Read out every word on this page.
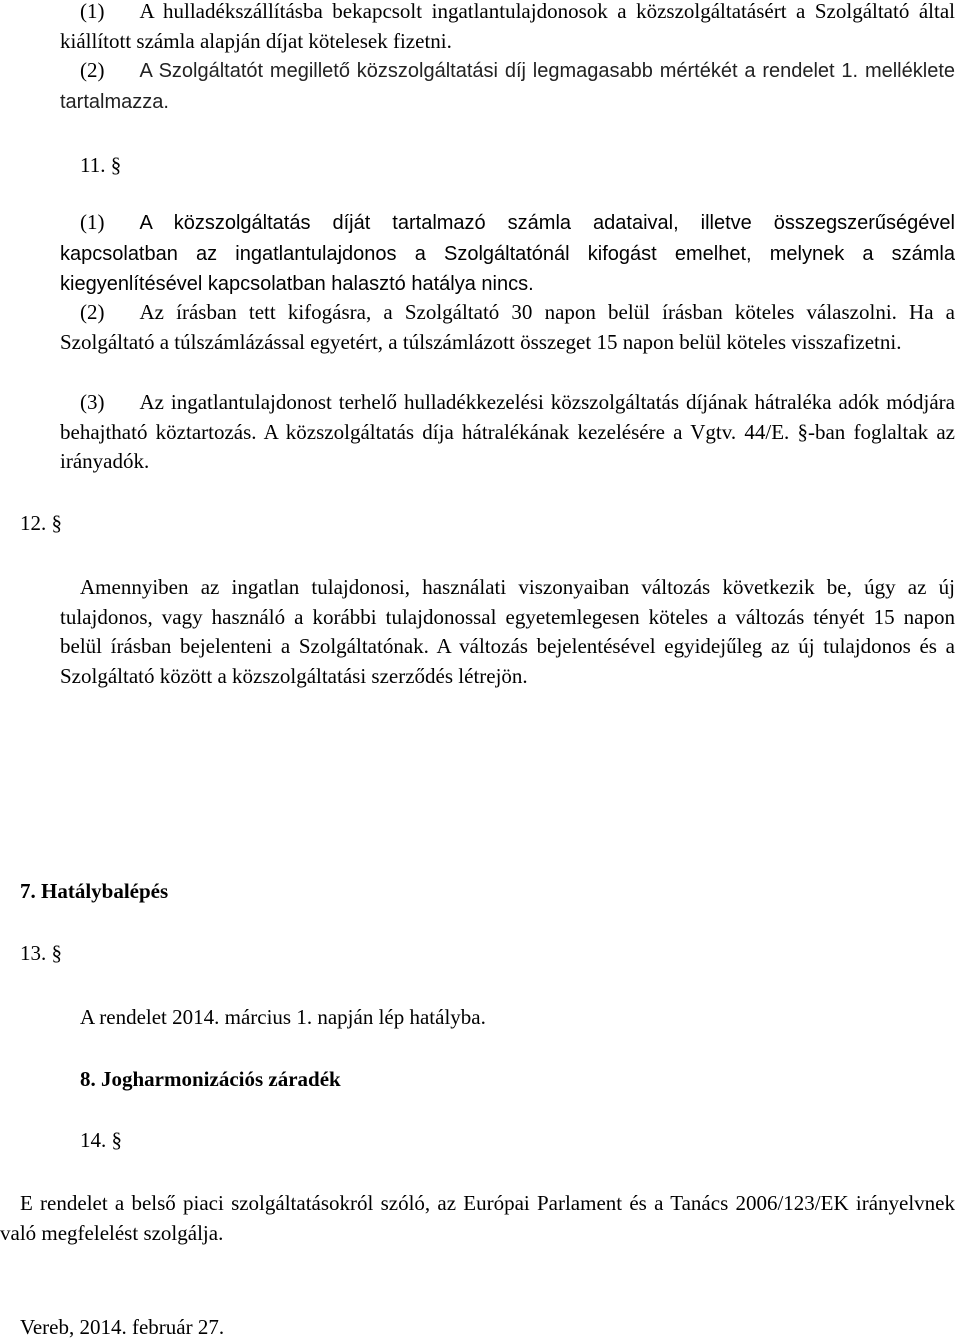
(1) A hulladékszállításba bekapcsolt ingatlantulajdonosok a közszolgáltatásért a Szolgáltató által kiállított számla alapján díjat kötelesek fizetni.
(2) A Szolgáltatót megillető közszolgáltatási díj legmagasabb mértékét a rendelet 1. melléklete tartalmazza.
11. §
(1) A közszolgáltatás díját tartalmazó számla adataival, illetve összegszerűségével kapcsolatban az ingatlantulajdonos a Szolgáltatónál kifogást emelhet, melynek a számla kiegyenlítésével kapcsolatban halasztó hatálya nincs.
(2) Az írásban tett kifogásra, a Szolgáltató 30 napon belül írásban köteles válaszolni. Ha a Szolgáltató a túlszámlázással egyetért, a túlszámlázott összeget 15 napon belül köteles visszafizetni.
(3) Az ingatlantulajdonost terhelő hulladékkezelési közszolgáltatás díjának hátraléka adók módjára behajtható köztartozás. A közszolgáltatás díja hátralékának kezelésére a Vgtv. 44/E. §-ban foglaltak az irányadók.
12. §
Amennyiben az ingatlan tulajdonosi, használati viszonyaiban változás következik be, úgy az új tulajdonos, vagy használó a korábbi tulajdonossal egyetemlegesen köteles a változás tényét 15 napon belül írásban bejelenteni a Szolgáltatónak. A változás bejelentésével egyidejűleg az új tulajdonos és a Szolgáltató között a közszolgáltatási szerződés létrejön.
7. Hatálybalépés
13. §
A rendelet 2014. március 1. napján lép hatályba.
8. Jogharmonizációs záradék
14. §
E rendelet a belső piaci szolgáltatásokról szóló, az Európai Parlament és a Tanács 2006/123/EK irányelvnek való megfelelést szolgálja.
Vereb, 2014. február 27.
